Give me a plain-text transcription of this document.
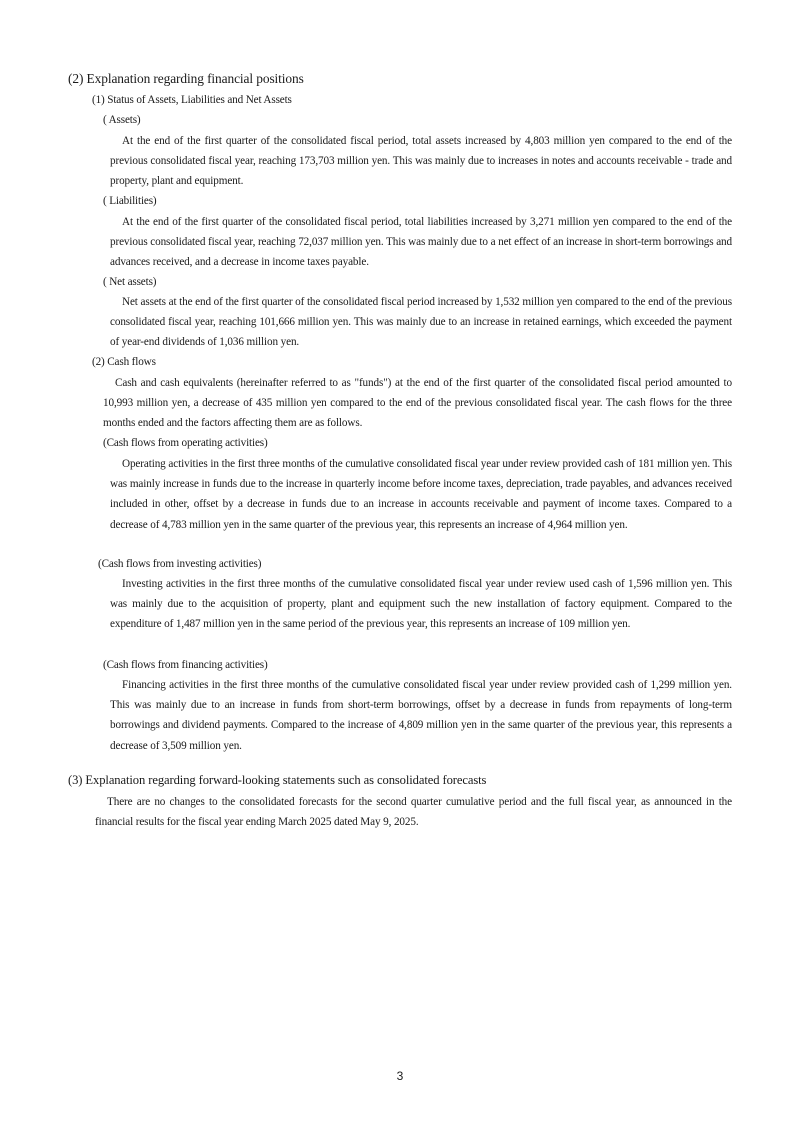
(2) Explanation regarding financial positions
(1) Status of Assets, Liabilities and Net Assets
( Assets)

At the end of the first quarter of the consolidated fiscal period, total assets increased by 4,803 million yen compared to the end of the previous consolidated fiscal year, reaching 173,703 million yen. This was mainly due to increases in notes and accounts receivable - trade and property, plant and equipment.

( Liabilities)

At the end of the first quarter of the consolidated fiscal period, total liabilities increased by 3,271 million yen compared to the end of the previous consolidated fiscal year, reaching 72,037 million yen. This was mainly due to a net effect of an increase in short-term borrowings and advances received, and a decrease in income taxes payable.

( Net assets)

Net assets at the end of the first quarter of the consolidated fiscal period increased by 1,532 million yen compared to the end of the previous consolidated fiscal year, reaching 101,666 million yen. This was mainly due to an increase in retained earnings, which exceeded the payment of year-end dividends of 1,036 million yen.

(2) Cash flows

Cash and cash equivalents (hereinafter referred to as "funds") at the end of the first quarter of the consolidated fiscal period amounted to 10,993 million yen, a decrease of 435 million yen compared to the end of the previous consolidated fiscal year. The cash flows for the three months ended and the factors affecting them are as follows.

(Cash flows from operating activities)

Operating activities in the first three months of the cumulative consolidated fiscal year under review provided cash of 181 million yen. This was mainly increase in funds due to the increase in quarterly income before income taxes, depreciation, trade payables, and advances received included in other, offset by a decrease in funds due to an increase in accounts receivable and payment of income taxes. Compared to a decrease of 4,783 million yen in the same quarter of the previous year, this represents an increase of 4,964 million yen.

(Cash flows from investing activities)

Investing activities in the first three months of the cumulative consolidated fiscal year under review used cash of 1,596 million yen. This was mainly due to the acquisition of property, plant and equipment such the new installation of factory equipment. Compared to the expenditure of 1,487 million yen in the same period of the previous year, this represents an increase of 109 million yen.

(Cash flows from financing activities)

Financing activities in the first three months of the cumulative consolidated fiscal year under review provided cash of 1,299 million yen. This was mainly due to an increase in funds from short-term borrowings, offset by a decrease in funds from repayments of long-term borrowings and dividend payments. Compared to the increase of 4,809 million yen in the same quarter of the previous year, this represents a decrease of 3,509 million yen.

(3) Explanation regarding forward-looking statements such as consolidated forecasts

There are no changes to the consolidated forecasts for the second quarter cumulative period and the full fiscal year, as announced in the financial results for the fiscal year ending March 2025 dated May 9, 2025.

3
